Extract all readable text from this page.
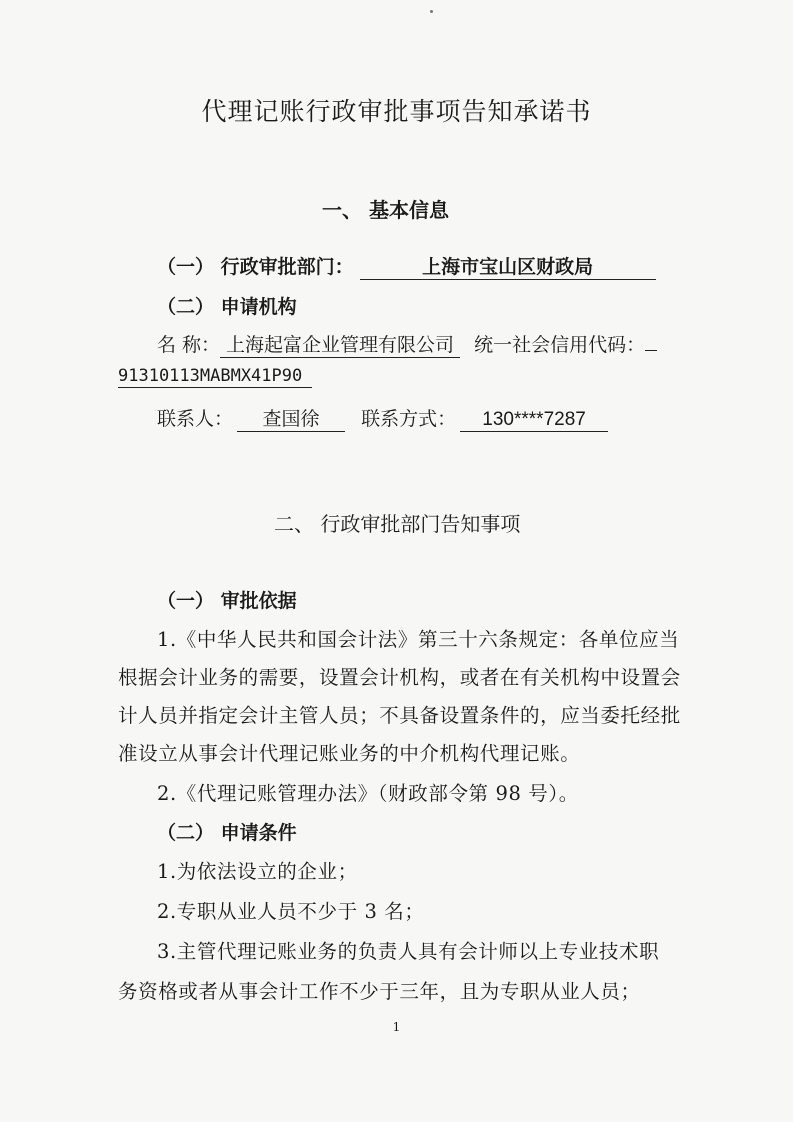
代理记账行政审批事项告知承诺书
一、 基本信息
（一） 行政审批部门：	上海市宝山区财政局
（二） 申请机构
名 称： 上海起富企业管理有限公司 统一社会信用代码：
91310113MABMX41P90
联系人： 查国徐 联系方式： 130****7287
二、 行政审批部门告知事项
（一） 审批依据
1.《中华人民共和国会计法》第三十六条规定：各单位应当
根据会计业务的需要，设置会计机构，或者在有关机构中设置会
计人员并指定会计主管人员；不具备设置条件的，应当委托经批
准设立从事会计代理记账业务的中介机构代理记账。
2.《代理记账管理办法》（财政部令第 98 号）。
（二） 申请条件
1.为依法设立的企业；
2.专职从业人员不少于 3 名；
3.主管代理记账业务的负责人具有会计师以上专业技术职
务资格或者从事会计工作不少于三年，且为专职从业人员；
1
